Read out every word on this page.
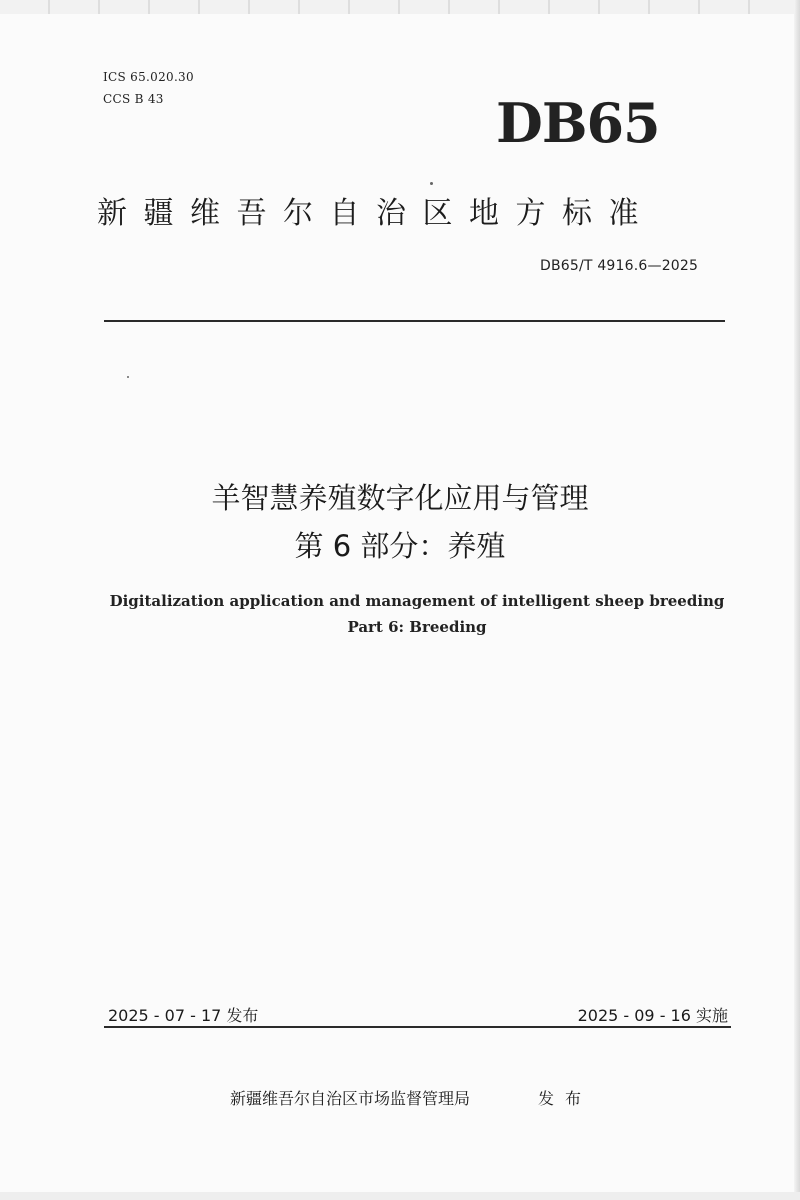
ICS 65.020.30
CCS B 43	DB65
新疆维吾尔自治区地方标准
DB65/T 4916.6—2025
羊智慧养殖数字化应用与管理
第 6 部分：养殖
Digitalization application and management of intelligent sheep breeding
Part 6: Breeding
2025 - 07 - 17 发布	2025 - 09 - 16 实施
新疆维吾尔自治区市场监督管理局	发布
